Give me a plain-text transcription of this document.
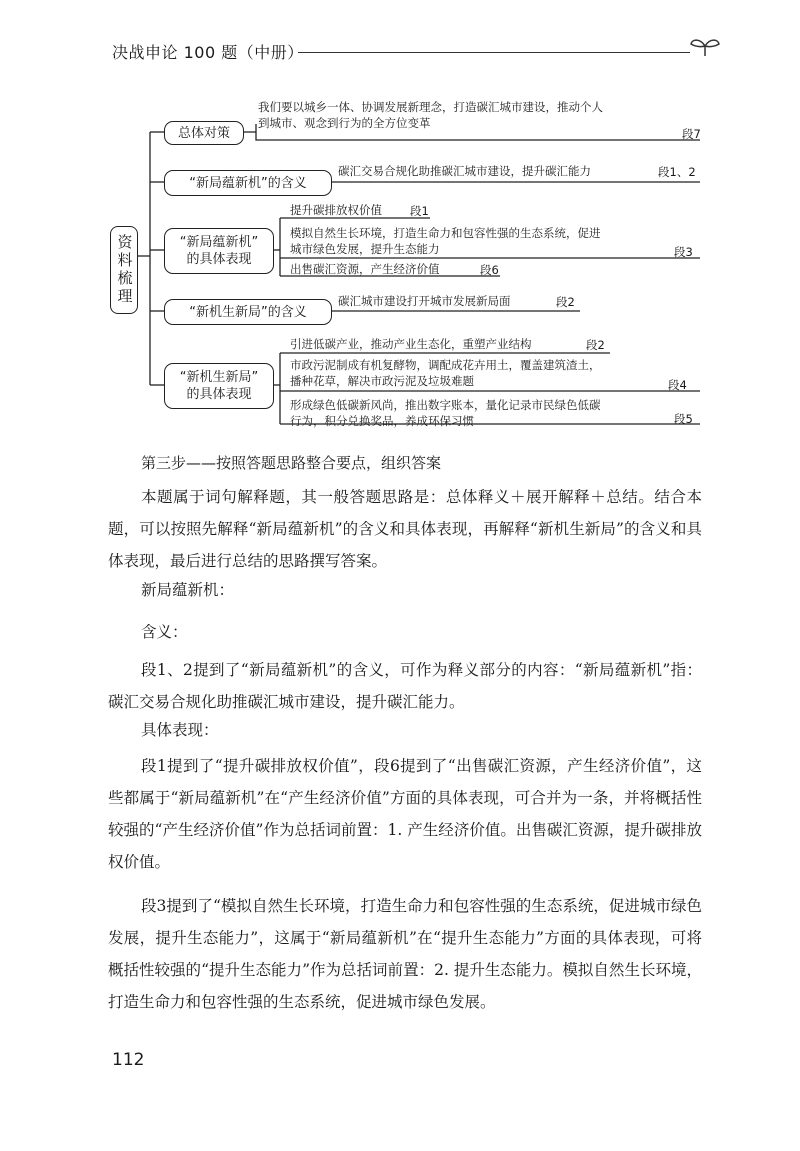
决战申论 100 题（中册）
资料梳理
总体对策
我们要以城乡一体、协调发展新理念，打造碳汇城市建设，推动个人
到城市、观念到行为的全方位变革
段7
“新局蕴新机”的含义
碳汇交易合规化助推碳汇城市建设，提升碳汇能力	段1、2
“新局蕴新机”
的具体表现
提升碳排放权价值 段1
模拟自然生长环境，打造生命力和包容性强的生态系统，促进
城市绿色发展，提升生态能力	段3
出售碳汇资源，产生经济价值	段6
“新机生新局”的含义
碳汇城市建设打开城市发展新局面	段2
“新机生新局”
的具体表现
引进低碳产业，推动产业生态化，重塑产业结构	段2
市政污泥制成有机复酵物，调配成花卉用土，覆盖建筑渣土，
播种花草，解决市政污泥及垃圾难题	段4
形成绿色低碳新风尚，推出数字账本，量化记录市民绿色低碳
行为，积分兑换奖品，养成环保习惯	段5
第三步——按照答题思路整合要点，组织答案
本题属于词句解释题，其一般答题思路是：总体释义＋展开解释＋总结。结合本题，可以按照先解释“新局蕴新机”的含义和具体表现，再解释“新机生新局”的含义和具体表现，最后进行总结的思路撰写答案。
新局蕴新机：
含义：
段1、2提到了“新局蕴新机”的含义，可作为释义部分的内容：“新局蕴新机”指：碳汇交易合规化助推碳汇城市建设，提升碳汇能力。
具体表现：
段1提到了“提升碳排放权价值”，段6提到了“出售碳汇资源，产生经济价值”，这些都属于“新局蕴新机”在“产生经济价值”方面的具体表现，可合并为一条，并将概括性较强的“产生经济价值”作为总括词前置：1. 产生经济价值。出售碳汇资源，提升碳排放权价值。
段3提到了“模拟自然生长环境，打造生命力和包容性强的生态系统，促进城市绿色发展，提升生态能力”，这属于“新局蕴新机”在“提升生态能力”方面的具体表现，可将概括性较强的“提升生态能力”作为总括词前置：2. 提升生态能力。模拟自然生长环境，打造生命力和包容性强的生态系统，促进城市绿色发展。
112
